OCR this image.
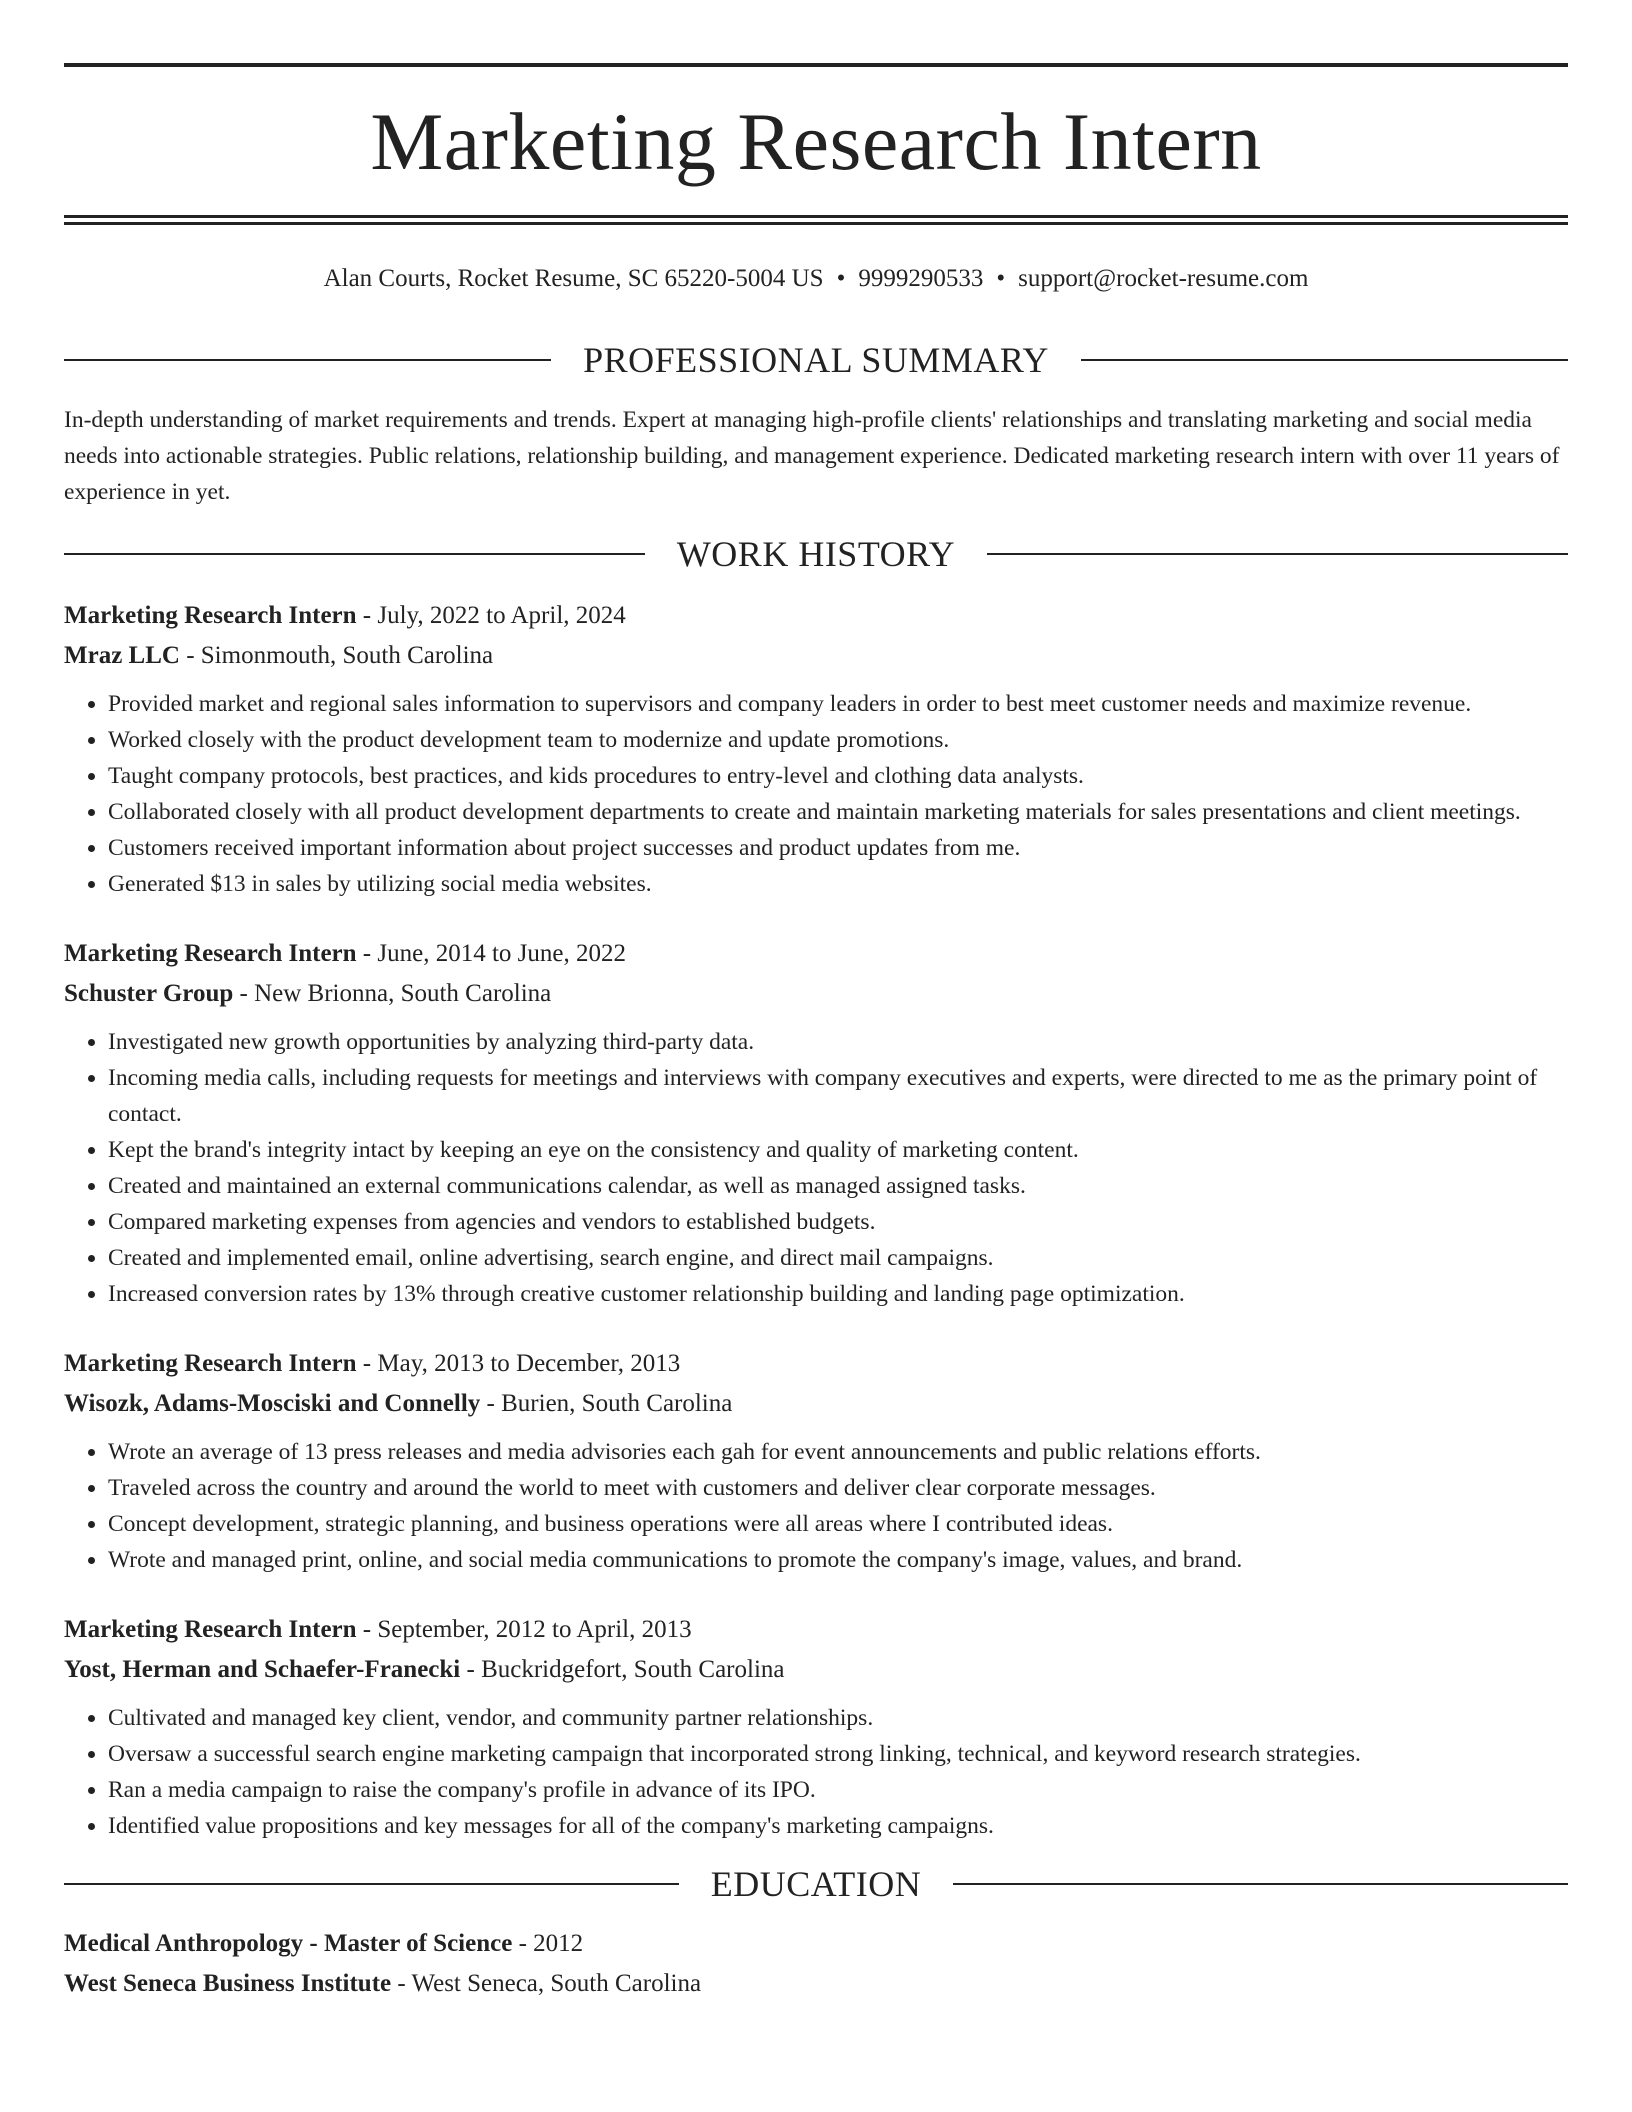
Marketing Research Intern
Alan Courts, Rocket Resume, SC 65220-5004 US • 9999290533 • support@rocket-resume.com
PROFESSIONAL SUMMARY
In-depth understanding of market requirements and trends. Expert at managing high-profile clients' relationships and translating marketing and social media needs into actionable strategies. Public relations, relationship building, and management experience. Dedicated marketing research intern with over 11 years of experience in yet.
WORK HISTORY
Marketing Research Intern - July, 2022 to April, 2024
Mraz LLC - Simonmouth, South Carolina
• Provided market and regional sales information to supervisors and company leaders in order to best meet customer needs and maximize revenue.
• Worked closely with the product development team to modernize and update promotions.
• Taught company protocols, best practices, and kids procedures to entry-level and clothing data analysts.
• Collaborated closely with all product development departments to create and maintain marketing materials for sales presentations and client meetings.
• Customers received important information about project successes and product updates from me.
• Generated $13 in sales by utilizing social media websites.
Marketing Research Intern - June, 2014 to June, 2022
Schuster Group - New Brionna, South Carolina
• Investigated new growth opportunities by analyzing third-party data.
• Incoming media calls, including requests for meetings and interviews with company executives and experts, were directed to me as the primary point of contact.
• Kept the brand's integrity intact by keeping an eye on the consistency and quality of marketing content.
• Created and maintained an external communications calendar, as well as managed assigned tasks.
• Compared marketing expenses from agencies and vendors to established budgets.
• Created and implemented email, online advertising, search engine, and direct mail campaigns.
• Increased conversion rates by 13% through creative customer relationship building and landing page optimization.
Marketing Research Intern - May, 2013 to December, 2013
Wisozk, Adams-Mosciski and Connelly - Burien, South Carolina
• Wrote an average of 13 press releases and media advisories each gah for event announcements and public relations efforts.
• Traveled across the country and around the world to meet with customers and deliver clear corporate messages.
• Concept development, strategic planning, and business operations were all areas where I contributed ideas.
• Wrote and managed print, online, and social media communications to promote the company's image, values, and brand.
Marketing Research Intern - September, 2012 to April, 2013
Yost, Herman and Schaefer-Franecki - Buckridgefort, South Carolina
• Cultivated and managed key client, vendor, and community partner relationships.
• Oversaw a successful search engine marketing campaign that incorporated strong linking, technical, and keyword research strategies.
• Ran a media campaign to raise the company's profile in advance of its IPO.
• Identified value propositions and key messages for all of the company's marketing campaigns.
EDUCATION
Medical Anthropology - Master of Science - 2012
West Seneca Business Institute - West Seneca, South Carolina
